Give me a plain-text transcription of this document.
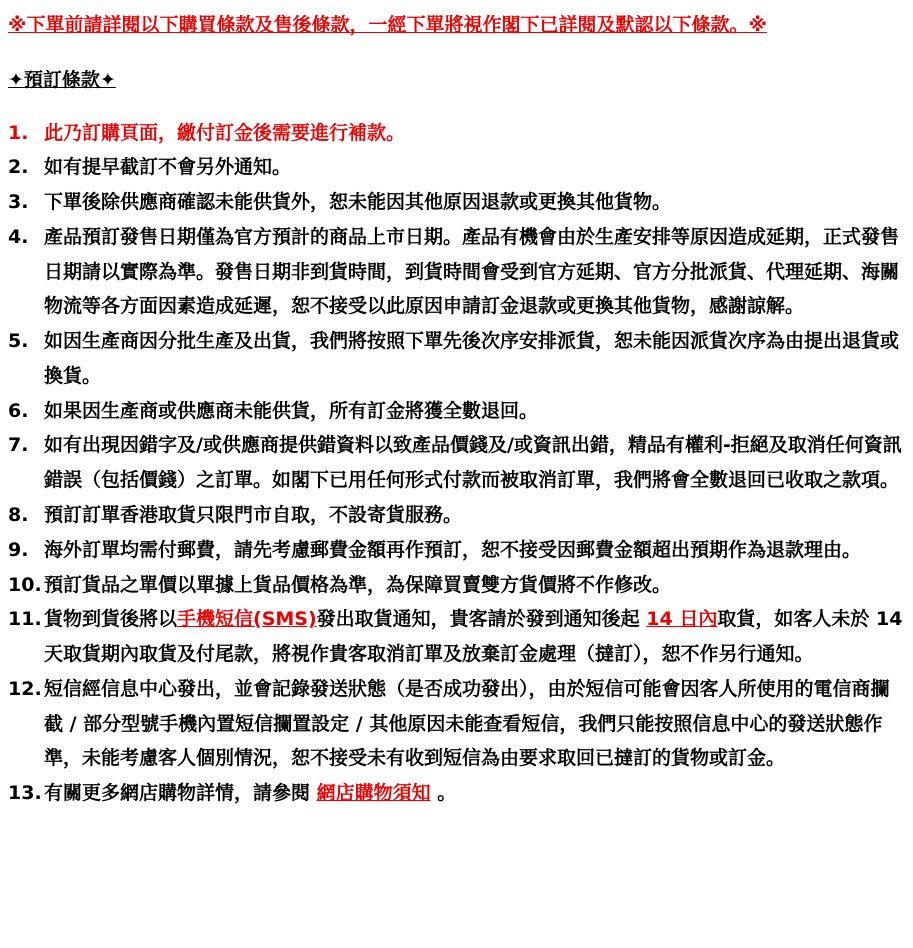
※下單前請詳閱以下購買條款及售後條款，一經下單將視作閣下已詳閱及默認以下條款。※
✦預訂條款✦
1. 此乃訂購頁面，繳付訂金後需要進行補款。
2. 如有提早截訂不會另外通知。
3. 下單後除供應商確認未能供貨外，恕未能因其他原因退款或更換其他貨物。
4. 產品預訂發售日期僅為官方預計的商品上市日期。產品有機會由於生產安排等原因造成延期，正式發售日期請以實際為準。發售日期非到貨時間，到貨時間會受到官方延期、官方分批派貨、代理延期、海關物流等各方面因素造成延遲，恕不接受以此原因申請訂金退款或更換其他貨物，感謝諒解。
5. 如因生產商因分批生產及出貨，我們將按照下單先後次序安排派貨，恕未能因派貨次序為由提出退貨或換貨。
6. 如果因生產商或供應商未能供貨，所有訂金將獲全數退回。
7. 如有出現因錯字及/或供應商提供錯資料以致產品價錢及/或資訊出錯，精品有權利-拒絕及取消任何資訊錯誤（包括價錢）之訂單。如閣下已用任何形式付款而被取消訂單，我們將會全數退回已收取之款項。
8. 預訂訂單香港取貨只限門市自取，不設寄貨服務。
9. 海外訂單均需付郵費，請先考慮郵費金額再作預訂，恕不接受因郵費金額超出預期作為退款理由。
10. 預訂貨品之單價以單據上貨品價格為準，為保障買賣雙方貨價將不作修改。
11. 貨物到貨後將以手機短信(SMS)發出取貨通知，貴客請於發到通知後起 14 日內取貨，如客人未於 14 天取貨期內取貨及付尾款，將視作貴客取消訂單及放棄訂金處理（撻訂），恕不作另行通知。
12. 短信經信息中心發出，並會記錄發送狀態（是否成功發出），由於短信可能會因客人所使用的電信商攔截 / 部分型號手機內置短信攔置設定 / 其他原因未能查看短信，我們只能按照信息中心的發送狀態作準，未能考慮客人個別情況，恕不接受未有收到短信為由要求取回已撻訂的貨物或訂金。
13. 有關更多網店購物詳情，請參閱 網店購物須知 。
